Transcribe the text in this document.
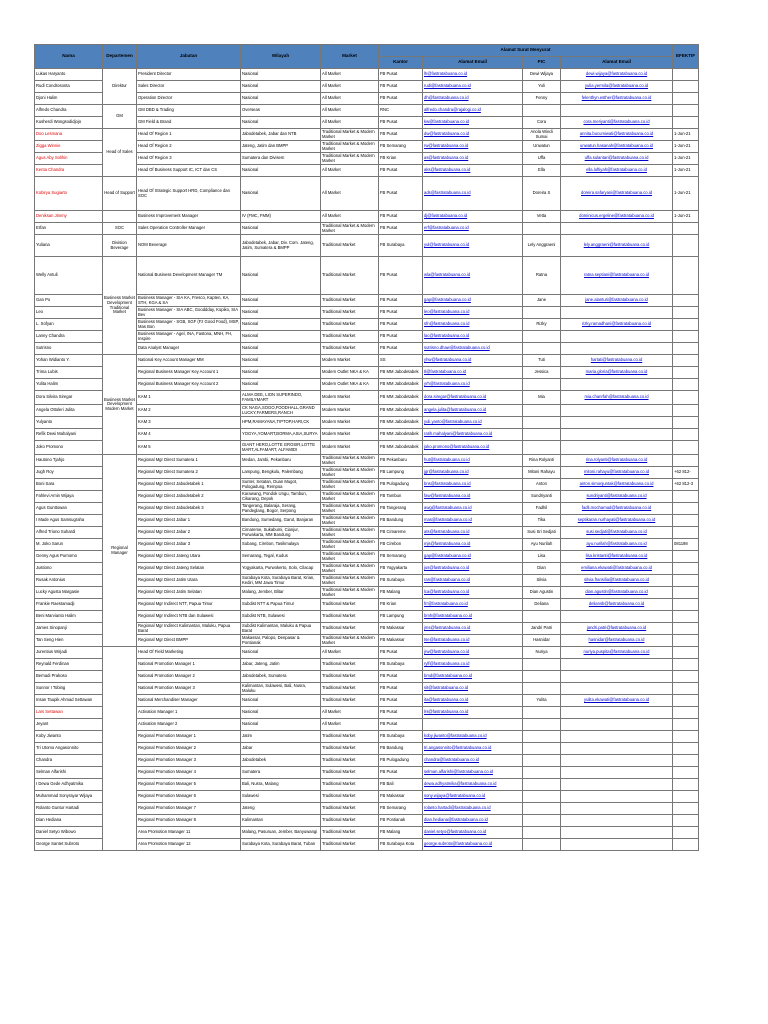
Nama	Departemen	Jabatan	Wilayah	Market	Alamat Surat Menyurat				EFEKTIF	
					Kantor	Alamat Email	PIC	Alamat Email		
Lukas Haryanto	Direktur	President Director	Nasional	All Market	FB Pusat	lh@fastratabuana.co.id	Dewi Wijaya	dewi.wijaya@fastratabuana.co.id		
Rudi Condrosonta		Sales Director	Nasional	All Market	FB Pusat	rudi@fastratabuana.co.id	Yuli	yulia.yermila@fastratabuana.co.id		
Djoni Halim		Operation Director	Nasional	All Market	FB Pusat	dh@fastratabuana.co.id	Fenny	felenthyn.esther@fastratabuana.co.id		
Alfredo Chandra	GM	GM DBD & Trading	Overseas	All Market	RNC	alfredo.chandra@rajalogi.co.id				
Kusherdi Wongsodidjojo		GM Field & Brand	Nasional	All Market	FB Pusat	kw@fastratabuana.co.id	Cora	cora.meriyanti@fastratabuana.co.id		
Doo Lesmana	Head of Sales	Head Of Region 1	Jabodetabek, Jabar dan NTB	Traditional Market & Modern Market	FB Pusat	dw@fastratabuana.co.id	Anola Wiedi Sumai	annita.bucumiwati@fastratabuana.co.id	1-Jun-21	
Zigga Winnie		Head Of Region 2	Jateng, Jatim dan BMPP	Traditional Market & Modern Market	FB Semarang	rw@fastratabuana.co.id	Unwatun	unwatun.hasanah@fastratabuana.co.id	1-Jun-21	
Agus Aby Solihin		Head Of Region 3	Sumatera dan Divisem	Traditional Market & Modern Market	FB Krian	as@fastratabuana.co.id	Uffa	uffa.sulantari@fastratabuana.co.id	1-Jun-21	
Kenta Chandra		Head Of Business Support IC, ICT dan CS	Nasional	All Market	FB Pusat	aks@fastratabuana.co.id	Ella	ella.luftiyah@fastratabuana.co.id	1-Jun-21	
Kobirya Sugiarto	Head of Support	Head Of Strategic Support HRD, Compliance dan SOC	Nasional	All Market	FB Pusat	ads@fastratabuana.co.id	Doreira S	doreira.safaryani@fastratabuana.co.id	1-Jun-21	
Deniksan Jimmy		Business Improvement Manager	IV (FMC, FMM)	All Market	FB Pusat	dj@fastratabuana.co.id	Vetta	dominicus.ergeline@fastratabuana.co.id	1-Jun-21	
Erfan	SOC	Sales Operation Controller Manager	Nasional	Traditional Market & Modern Market	FB Pusat	erf@fastratabuana.co.id				
Yuliana	Division Beverage	NOM Beverage	Jabodetabek, Jabar, Div. Com. Jateng, Jatim, Sumatera & BMPP	Traditional Market	FB Surabaya	yul@fastratabuana.co.id	Lely Anggraeni	lely.anggraeni@fastratabuana.co.id		
Welly Antuli	Business Market Development Traditional Market	National Business Development Manager TM	Nasional	Traditional Market	FB Pusat	wla@fastratabuana.co.id	Ratna	ratna.septiani@fastratabuana.co.id		
Gan Po		Business Manager - SIA KA, Fresco, Kapten, KA, STH, KGA & SA	Nasional	Traditional Market	FB Pusat	gap@fastratabuana.co.id	Jane	jane.alanturi@fastratabuana.co.id		
Leo		Business Manager - SIA ABC, Gooddday, Kopiko, SIA Bev	Nasional	Traditional Market	FB Pusat	leo@fastratabuana.co.id				
L. Sofyan		Business Manager - SGB, SGF (Fz Good Food), MSP, Mas Bon	Nasional	Traditional Market	FB Pusat	sfn@fastratabuana.co.id	Rizky	rizky.ramadhani@fastratabuana.co.id		
Lanny Chandra		Business Manager - Agel, INA, Fastona, MNH, FH, Inspire	Nasional	Traditional Market	FB Pusat	lac@fastratabuana.co.id				
Sutrisno		Data Analyst Manager	Nasional	Traditional Market	FB Pusat	sutrisno.dhaw@fastratabuana.co.id				
Yohan Widianto Y.	Business Market Development Modern Market	National Key Account Manager MM	Nasional	Modern Market	SS	yhw@fastratabuana.co.id	Tuti	hartati@fastratabuana.co.id		
Trima Lubis		Regional Business Manager Key Account 1	Nasional	Modern Outlet NKA & KA	FB MM Jabodetabek	tl@fastratabuana.co.id	Jessica	maria.gloria@fastratabuana.co.id		
Yulita Halim		Regional Business Manager Key Account 2	Nasional	Modern Outlet NKA & KA	FB MM Jabodetabek	yrh@fastratabuana.co.id				
Dora Silvira Siregar		KAM 1	ALMA DEE, LION SUPERINDO, FAMILYMART	Modern Market	FB MM Jabodetabek	dora.siregar@fastratabuana.co.id	Mia	mia.chanrfah@fastratabuana.co.id		
Angela Ottoleri Julita		KAM 2	CK NAGA,SOGO,FOODHALL,GRAND LUCKY,FARMERS,RANCH	Modern Market	FB MM Jabodetabek	angela.julita@fastratabuana.co.id				
Yulyanto		KAM 3	HPM,RAMAYANA,TIPTOP,HARI,CK	Modern Market	FB MM Jabodetabek	yuli.yanto@fastratabuana.co.id				
Refik Dewi Mahalyani		KAM 4	YOGYA,YOMART,BORMA,ASIA,SURYA	Modern Market	FB MM Jabodetabek	ratih.mahalyani@fastratabuana.co.id				
Joko Promono		KAM 5	GIANT HERO,LOTTE GROSIR,LOTTE MART,ALFAMART, ALFAMIDI	Modern Market	FB MM Jabodetabek	joko.promono@fastratabuana.co.id				
Hautono Tjahjo	Regional Manager	Regional Mgr Direct Sumatera 1	Medan, Jambi, Pekanbaru	Traditional Market & Modern Market	FB Pekanbaru	hut@fastratabuana.co.id	Rina Rolyanti	rina.rolyanti@fastratabuana.co.id		
Jugh Roy		Regional Mgr Direct Sumatera 2	Lampung, Bengkulu, Palembang	Traditional Market & Modern Market	FB Lampung	jgr@fastratabuana.co.id	Mitoni Rahayu	mitoni.rahayu@fastratabuana.co.id	+62 812-	
Boni Sara		Regional Mgr Direct Jabodetabek 1	Sunter, Setatan, Duan Mugot, Pulogadung, Rempoa	Traditional Market & Modern Market	FB Pulogadung	bns@fastratabuana.co.id	Anton	anton.simonjuntak@fastratabuana.co.id	+62 812-3	
Fahlevi Amin Wijaya		Regional Mgr Direct Jabodetabek 2	Karawang, Pondok Ungu, Tambun, Cikarang, Depok	Traditional Market & Modern Market	FB Tambun	faw@fastratabuana.co.id	Sundriyanti	sundriyanti@fastratabuana.co.id		
Agus Gunttowan		Regional Mgr Direct Jabodetabek 3	Tangerang, Balaraja, Serang, Pandeglang, Bogor, Serpong	Traditional Market & Modern Market	FB Tangerang	awg@fastratabuana.co.id	Fadhil	fadli.mochamad@fastratabuana.co.id		
I Made Agus Samsugraha		Regional Mgr Direct Jabar 1	Bandung, Sumedang, Garut, Banjaran	Traditional Market & Modern Market	FB Bandung	mas@fastratabuana.co.id	Tika	septikaran.nurhayati@fastratabuana.co.id		
Alfred Triono Suhardi		Regional Mgr Direct Jabar 2	Cimareme, Sukabumi, Cianjur, Purwakarta, MM Bandung	Traditional Market & Modern Market	FB Cimareme	ats@fastratabuana.co.id	Susi Sri Sedjati	susi.sedjati@fastratabuana.co.id		
M. Joko Sarun		Regional Mgr Direct Jabar 3	Subang, Cirebon, Tasikmalaya	Traditional Market & Modern Market	FB Cirebon	mjs@fastratabuana.co.id	Ayu Nurilah	ayu.nurilah@fastratabuana.co.id	081198	
Genny Agus Purnomo		Regional Mgr Direct Jateng Utara	Semarang, Tegal, Kudus	Traditional Market & Modern Market	FB Semarang	gap@fastratabuana.co.id	Lisa	lisa.kristanti@fastratabuana.co.id		
Justiono		Regional Mgr Direct Jateng Selatan	Yogyakarta, Purwokerto, Solo, Cilacap	Traditional Market & Modern Market	FB Yogyakarta	jus@fastratabuana.co.id	Dian	emiliana.ekawati@fastratabuana.co.id		
Rusak Antonius		Regional Mgr Direct Jatim Utara	Surabaya Kota, Surabaya Barat, Krian, Kediri, MM Jawa Timur	Traditional Market & Modern Market	FB Surabaya	ran@fastratabuana.co.id	Silvia	silvia.fransilia@fastratabuana.co.id		
Lucky Agusta Margasie		Regional Mgr Direct Jatim Selatan	Malang, Jember, Blitar	Traditional Market & Modern Market	FB Malang	lca@fastratabuana.co.id	Dian Agustin	dian.agustin@fastratabuana.co.id		
Frankie Raestamadji		Regional Mgr Indirect NTT, Papua Timur	Subdist NTT & Papua Timur	Traditional Market	FB Krian	frr@fastratabuana.co.id	Deliana	deliansb@fastratabuana.co.id		
Beni Marvianto Halim		Regional Mgr Indirect NTB dan Sulawesi	Subdist NTB, Sulawesi	Traditional Market	FB Lampung	bmh@fastratabuana.co.id				
James Sinopanji		Regional Mgr Indirect Kalimantan, Maluku, Papua Barat	Subdist Kalimantan, Maluku & Papua Barat	Traditional Market	FB Makassar	jms@fastratabuana.co.id	Jandri Patri	jandri.patri@fastratabuana.co.id		
Tan Seng Hien		Regional Mgr Direct BMPP	Makassar, Palopo, Denpasar & Pontianak	Traditional Market & Modern Market	FB Makassar	tse@fastratabuana.co.id	Hasnidar	hasnidar@fastratabuana.co.id		
Jurentius Wirjadi		Head Of Field Marketing	Nasional	All Market	FB Pusat	jrw@fastratabuana.co.id	Nuriya	nuriya.puspita@fastratabuana.co.id		
Reynald Ferdinan		National Promotion Manager 1	Jabar, Jateng, Jatim	Traditional Market	FB Surabaya	rylf@fastratabuana.co.id				
Bernadi Prakoso		National Promotion Manager 2	Jabodetabek, Sumatera	Traditional Market	FB Pusat	bmd@fastratabuana.co.id				
Sunnor I Tobing		National Promotion Manager 3	Kalimantan, Sulawesi, Bali, Nusra, Maluku	Traditional Market	FB Pusat	sit@fastratabuana.co.id				
Insan Taupik Ahmad Settawan		National Merchandiser Manager	Nasional	Traditional Market	FB Pusat	ita@fastratabuana.co.id	Yulita	yulita.ekawati@fastratabuana.co.id		
Lars Settawan		Activation Manager 1	Nasional	All Market	FB Pusat	lrs@fastratabuana.co.id				
Jeyant		Activation Manager 2	Nasional	All Market	FB Pusat					
Koby Jiwanto		Regional Promotion Manager 1	Jatim	Traditional Market	FB Surabaya	koby.jiwanto@fastratabuana.co.id				
Tri Utomo Angasonnito		Regional Promotion Manager 2	Jabar	Traditional Market	FB Bandung	tri.angasonnito@fastratabuana.co.id				
Chandra		Regional Promotion Manager 3	Jabodetabek	Traditional Market	FB Pulogadung	chandra@fastratabuana.co.id				
Selman Alfarishi		Regional Promotion Manager 4	Sumatera	Traditional Market	FB Pusat	selman.alfarishi@fastratabuana.co.id				
I Dewa Gede Adhyatmika		Regional Promotion Manager 5	Bali, Nusra, Malang	Traditional Market	FB Bali	dewa.adhyatmika@fastratabuana.co.id				
Muhammad Sonyrayar Wijaya		Regional Promotion Manager 6	Sulawesi	Traditional Market	FB Makassar	sony.wijaya@fastratabuana.co.id				
Rolanto Guntur Hartadi		Regional Promotion Manager 7	Jateng	Traditional Market	FB Semarang	rolanto.hartadi@fastratabuana.co.id				
Dian Hediana		Regional Promotion Manager 8	Kalimantan	Traditional Market	FB Pontianak	dian.hediana@fastratabuana.co.id				
Daniel Setyo Wibowo		Area Promotion Manager 11	Malang, Pasuruan, Jember, Banyuwangi	Traditional Market	FB Malang	daniel.setyo@fastratabuana.co.id				
George Santet Subroto		Area Promotion Manager 12	Surabaya Kota, Surabaya Barat, Tuban	Traditional Market	FB Surabaya Kota	george.subroto@fastratabuana.co.id				
